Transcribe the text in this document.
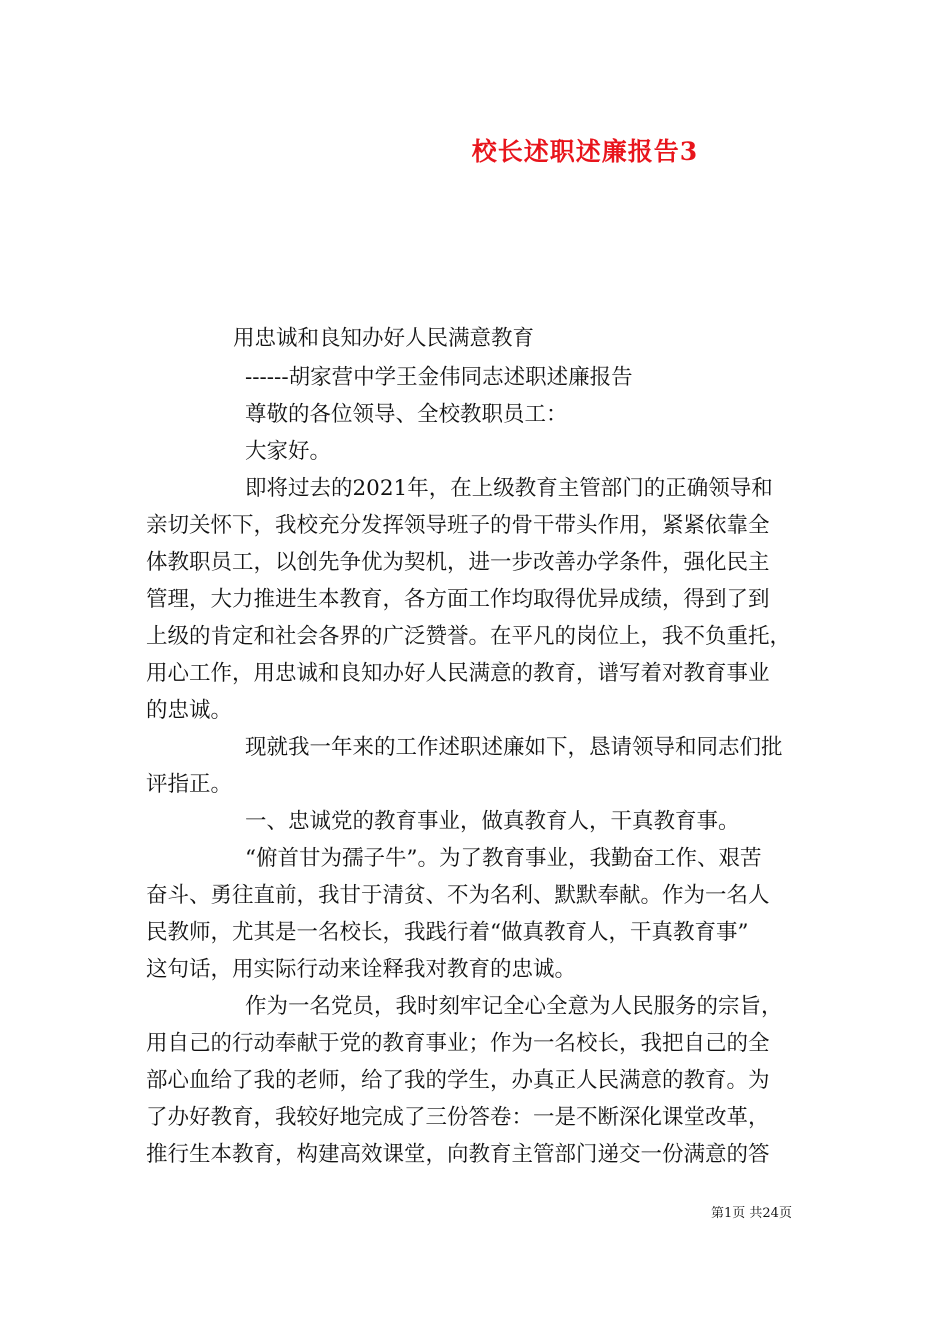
校长述职述廉报告3
用忠诚和良知办好人民满意教育
------胡家营中学王金伟同志述职述廉报告
尊敬的各位领导、全校教职员工：
大家好。
即将过去的2021年，在上级教育主管部门的正确领导和
亲切关怀下，我校充分发挥领导班子的骨干带头作用，紧紧依靠全
体教职员工，以创先争优为契机，进一步改善办学条件，强化民主
管理，大力推进生本教育，各方面工作均取得优异成绩，得到了到
上级的肯定和社会各界的广泛赞誉。在平凡的岗位上，我不负重托，
用心工作，用忠诚和良知办好人民满意的教育，谱写着对教育事业
的忠诚。
现就我一年来的工作述职述廉如下，恳请领导和同志们批
评指正。
一、忠诚党的教育事业，做真教育人，干真教育事。
“俯首甘为孺子牛”。为了教育事业，我勤奋工作、艰苦
奋斗、勇往直前，我甘于清贫、不为名利、默默奉献。作为一名人
民教师，尤其是一名校长，我践行着“做真教育人，干真教育事”
这句话，用实际行动来诠释我对教育的忠诚。
作为一名党员，我时刻牢记全心全意为人民服务的宗旨，
用自己的行动奉献于党的教育事业；作为一名校长，我把自己的全
部心血给了我的老师，给了我的学生，办真正人民满意的教育。为
了办好教育，我较好地完成了三份答卷：一是不断深化课堂改革，
推行生本教育，构建高效课堂，向教育主管部门递交一份满意的答
第1页 共24页
